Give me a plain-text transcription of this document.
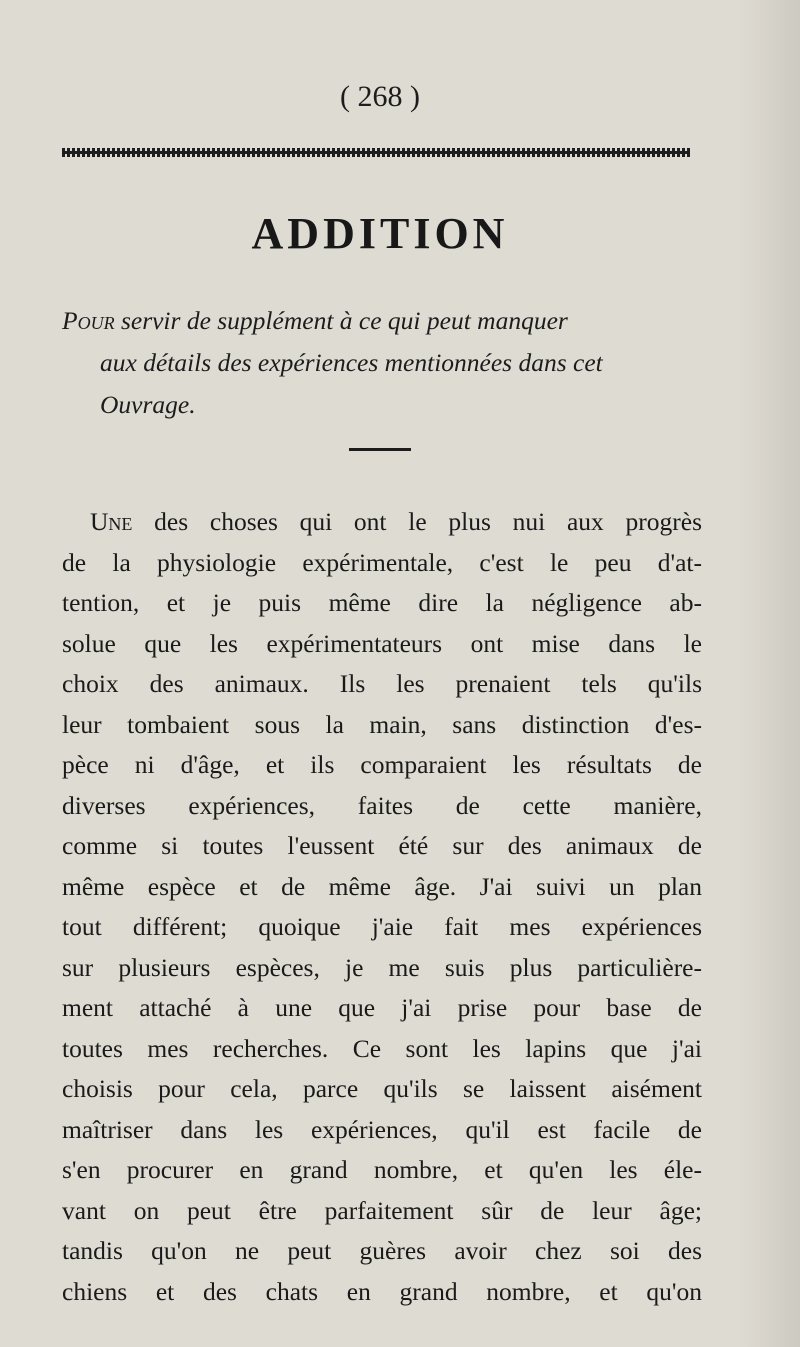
( 268 )
ADDITION
Pour servir de supplément à ce qui peut manquer
aux détails des expériences mentionnées dans cet
Ouvrage.
Une des choses qui ont le plus nui aux progrès
de la physiologie expérimentale, c'est le peu d'at-
tention, et je puis même dire la négligence ab-
solue que les expérimentateurs ont mise dans le
choix des animaux. Ils les prenaient tels qu'ils
leur tombaient sous la main, sans distinction d'es-
pèce ni d'âge, et ils comparaient les résultats de
diverses expériences, faites de cette manière,
comme si toutes l'eussent été sur des animaux de
même espèce et de même âge. J'ai suivi un plan
tout différent; quoique j'aie fait mes expériences
sur plusieurs espèces, je me suis plus particulière-
ment attaché à une que j'ai prise pour base de
toutes mes recherches. Ce sont les lapins que j'ai
choisis pour cela, parce qu'ils se laissent aisément
maîtriser dans les expériences, qu'il est facile de
s'en procurer en grand nombre, et qu'en les éle-
vant on peut être parfaitement sûr de leur âge;
tandis qu'on ne peut guères avoir chez soi des
chiens et des chats en grand nombre, et qu'on
